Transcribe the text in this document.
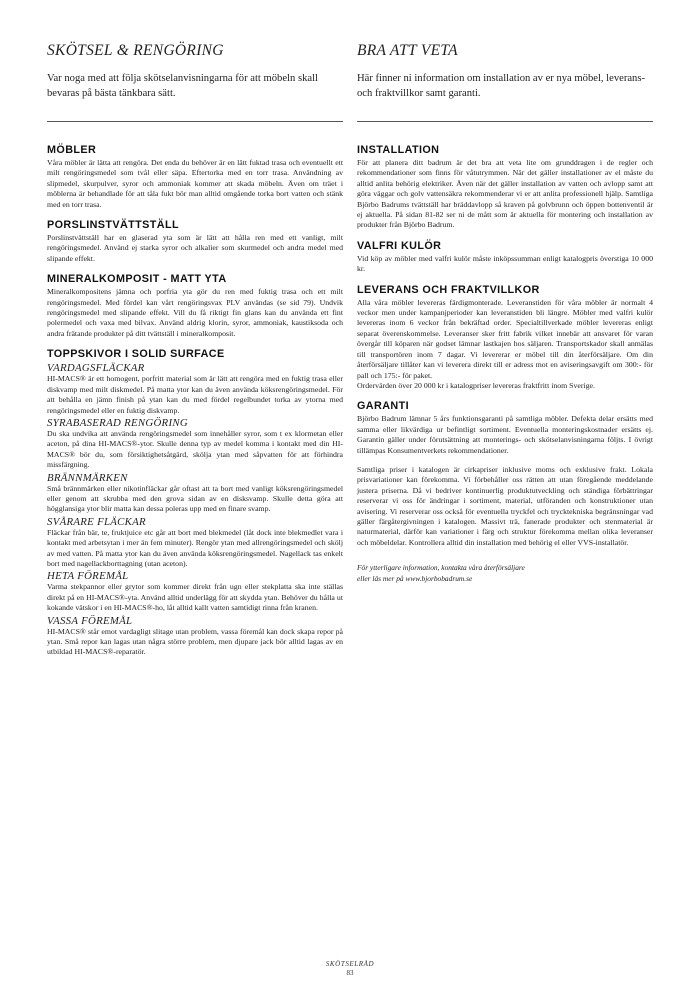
SKÖTSEL & RENGÖRING

Var noga med att följa skötselanvisningarna för att möbeln skall bevaras på bästa tänkbara sätt.

MÖBLER

Våra möbler är lätta att rengöra. Det enda du behöver är en lätt fuktad trasa och eventuellt ett milt rengöringsmedel som tvål eller säpa. Eftertorka med en torr trasa. Användning av slipmedel, skurpulver, syror och ammoniak kommer att skada möbeln. Även om träet i möblerna är behandlade för att tåla fukt bör man alltid omgående torka bort vatten och stänk med en torr trasa.

PORSLINSTVÄTTSTÄLL

Porslinstvättställ har en glaserad yta som är lätt att hålla ren med ett vanligt, milt rengöringsmedel. Använd ej starka syror och alkalier som skurmedel och andra medel med slipande effekt.

MINERALKOMPOSIT - MATT YTA

Mineralkompositens jämna och porfria yta gör du ren med fuktig trasa och ett milt rengöringsmedel. Med fördel kan vårt rengöringsvax PLV användas (se sid 79). Undvik rengöringsmedel med slipande effekt. Vill du få riktigt fin glans kan du använda ett fint polermedel och vaxa med bilvax. Använd aldrig klorin, syror, ammoniak, kaustiksoda och andra frätande produkter på ditt tvättställ i mineralkomposit.

TOPPSKIVOR I SOLID SURFACE
VARDAGSFLÄCKAR

HI-MACS® är ett homogent, porfritt material som är lätt att rengöra med en fuktig trasa eller diskvamp med milt diskmedel. På matta ytor kan du även använda köksrengöringsmedel. För att behålla en jämn finish på ytan kan du med fördel regelbundet torka av ytorna med rengöringsmedel eller en fuktig diskvamp.

SYRABASERAD RENGÖRING

Du ska undvika att använda rengöringsmedel som innehåller syror, som t ex klormetan eller aceton, på dina HI-MACS®-ytor. Skulle denna typ av medel komma i kontakt med din HI-MACS® bör du, som försiktighetsåtgärd, skölja ytan med såpvatten för att förhindra missfärgning.

BRÄNNMÄRKEN

Små brännmärken eller nikotinfläckar går oftast att ta bort med vanligt köksrengöringsmedel eller genom att skrubba med den grova sidan av en disksvamp. Skulle detta göra att högglansiga ytor blir matta kan dessa poleras upp med en finare svamp.

SVÅRARE FLÄCKAR

Fläckar från bär, te, fruktjuice etc går att bort med blekmedel (låt dock inte blekmedlet vara i kontakt med arbetsytan i mer än fem minuter). Rengör ytan med allrengöringsmedel och skölj av med vatten. På matta ytor kan du även använda köksrengöringsmedel. Nagellack tas enkelt bort med nagellackborttagning (utan aceton).

HETA FÖREMÅL

Varma stekpannor eller grytor som kommer direkt från ugn eller stekplatta ska inte ställas direkt på en HI-MACS®-yta. Använd alltid underlägg för att skydda ytan. Behöver du hålla ut kokande vätskor i en HI-MACS®-ho, låt alltid kallt vatten samtidigt rinna från kranen.

VASSA FÖREMÅL

HI-MACS® står emot vardagligt slitage utan problem, vassa föremål kan dock skapa repor på ytan. Små repor kan lagas utan några större problem, men djupare jack bör alltid lagas av en utbildad HI-MACS®-reparatör.

BRA ATT VETA

Här finner ni information om installation av er nya möbel, leverans- och fraktvillkor samt garanti.

INSTALLATION

För att planera ditt badrum är det bra att veta lite om grunddragen i de regler och rekommendationer som finns för våtutrymmen. När det gäller installationer av el måste du alltid anlita behörig elektriker. Även när det gäller installation av vatten och avlopp samt att göra väggar och golv vattensäkra rekommenderar vi er att anlita professionell hjälp. Samtliga Björbo Badrums tvättställ har bräddavlopp så kraven på golvbrunn och öppen bottenventil är ej aktuella. På sidan 81-82 ser ni de mått som är aktuella för montering och installation av produkter från Björbo Badrum.

VALFRI KULÖR

Vid köp av möbler med valfri kulör måste inköpssumman enligt katalogpris överstiga 10 000 kr.

LEVERANS OCH FRAKTVILLKOR

Alla våra möbler levereras färdigmonterade. Leveranstiden för våra möbler är normalt 4 veckor men under kampanjperioder kan leveranstiden bli längre. Möbler med valfri kulör levereras inom 6 veckor från bekräftad order. Specialtillverkade möbler levereras enligt separat överenskommelse. Leveranser sker fritt fabrik vilket innebär att ansvaret för varan övergår till köparen när godset lämnar lastkajen hos säljaren. Transportskador skall anmälas till transportören inom 7 dagar. Vi levererar er möbel till din återförsäljare. Om din återförsäljare tillåter kan vi leverera direkt till er adress mot en aviseringsavgift om 300:- för pall och 175:- för paket.

Ordervärden över 20 000 kr i katalogpriser levereras fraktfritt inom Sverige.

GARANTI

Björbo Badrum lämnar 5 års funktionsgaranti på samtliga möbler. Defekta delar ersätts med samma eller likvärdiga ur befintligt sortiment. Eventuella monteringskostnader ersätts ej. Garantin gäller under förutsättning att monterings- och skötselanvisningarna följts. I övrigt tillämpas Konsumentverkets rekommendationer.

Samtliga priser i katalogen är cirkapriser inklusive moms och exklusive frakt. Lokala prisvariationer kan förekomma. Vi förbehåller oss rätten att utan föregående meddelande justera priserna. Då vi bedriver kontinuerlig produktutveckling och ständiga förbättringar reserverar vi oss för ändringar i sortiment, material, utföranden och konstruktioner utan avisering. Vi reserverar oss också för eventuella tryckfel och trycktekniska begränsningar vad gäller färgåtergivningen i katalogen. Massivt trä, fanerade produkter och stenmaterial är naturmaterial, därför kan variationer i färg och struktur förekomma mellan olika leveranser och möbeldelar. Kontrollera alltid din installation med behörig el eller VVS-installatör.

För ytterligare information, kontakta våra återförsäljare
eller läs mer på www.bjorbobadrum.se
SKÖTSELRÅD
83
